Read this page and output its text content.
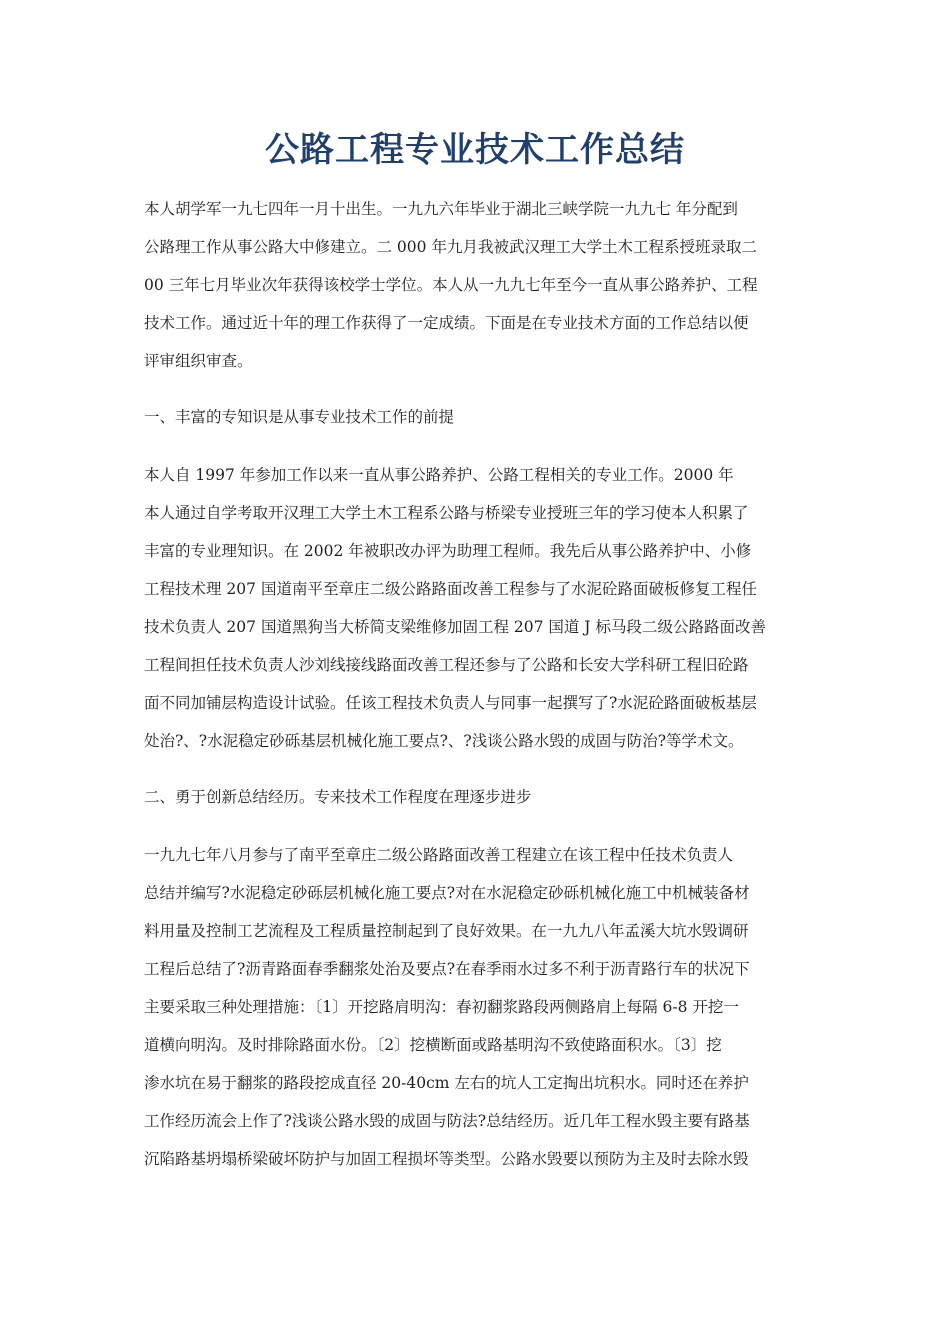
公路工程专业技术工作总结
本人胡学军一九七四年一月十出生。一九九六年毕业于湖北三峡学院一九九七 年分配到
公路理工作从事公路大中修建立。二 000 年九月我被武汉理工大学土木工程系授班录取二
00 三年七月毕业次年获得该校学士学位。本人从一九九七年至今一直从事公路养护、工程
技术工作。通过近十年的理工作获得了一定成绩。下面是在专业技术方面的工作总结以便
评审组织审查。
一、丰富的专知识是从事专业技术工作的前提
本人自 1997 年参加工作以来一直从事公路养护、公路工程相关的专业工作。2000 年
本人通过自学考取开汉理工大学土木工程系公路与桥梁专业授班三年的学习使本人积累了
丰富的专业理知识。在 2002 年被职改办评为助理工程师。我先后从事公路养护中、小修
工程技术理 207 国道南平至章庄二级公路路面改善工程参与了水泥砼路面破板修复工程任
技术负责人 207 国道黑狗当大桥简支梁维修加固工程 207 国道 J 标马段二级公路路面改善
工程间担任技术负责人沙刘线接线路面改善工程还参与了公路和长安大学科研工程旧砼路
面不同加铺层构造设计试验。任该工程技术负责人与同事一起撰写了?水泥砼路面破板基层
处治?、?水泥稳定砂砾基层机械化施工要点?、?浅谈公路水毁的成固与防治?等学术文。
二、勇于创新总结经历。专来技术工作程度在理逐步进步
一九九七年八月参与了南平至章庄二级公路路面改善工程建立在该工程中任技术负责人
总结并编写?水泥稳定砂砾层机械化施工要点?对在水泥稳定砂砾机械化施工中机械装备材
料用量及控制工艺流程及工程质量控制起到了良好效果。在一九九八年孟溪大坑水毁调研
工程后总结了?沥青路面春季翻浆处治及要点?在春季雨水过多不利于沥青路行车的状况下
主要采取三种处理措施：〔1〕开挖路肩明沟：春初翻浆路段两侧路肩上每隔 6-8 开挖一
道横向明沟。及时排除路面水份。〔2〕挖横断面或路基明沟不致使路面积水。〔3〕挖
渗水坑在易于翻浆的路段挖成直径 20-40cm 左右的坑人工定掏出坑积水。同时还在养护
工作经历流会上作了?浅谈公路水毁的成固与防法?总结经历。近几年工程水毁主要有路基
沉陷路基坍塌桥梁破坏防护与加固工程损坏等类型。公路水毁要以预防为主及时去除水毁
